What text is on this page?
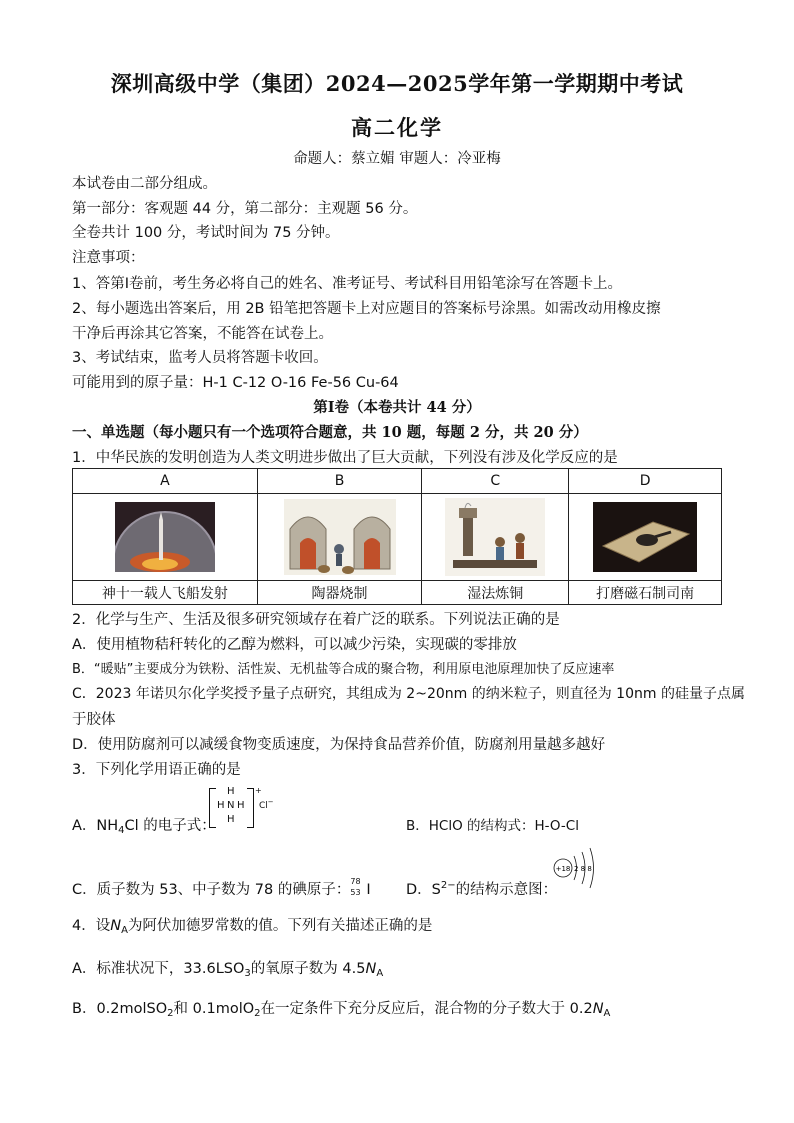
深圳高级中学（集团）2024—2025学年第一学期期中考试
高二化学
命题人：蔡立媚 审题人：冷亚梅
本试卷由二部分组成。
第一部分：客观题 44 分，第二部分：主观题 56 分。
全卷共计 100 分，考试时间为 75 分钟。
注意事项：
1、答第Ⅰ卷前，考生务必将自己的姓名、准考证号、考试科目用铅笔涂写在答题卡上。
2、每小题选出答案后，用 2B 铅笔把答题卡上对应题目的答案标号涂黑。如需改动用橡皮擦
干净后再涂其它答案，不能答在试卷上。
3、考试结束，监考人员将答题卡收回。
可能用到的原子量：H-1 C-12 O-16 Fe-56 Cu-64
第Ⅰ卷（本卷共计 44 分）
一、单选题（每小题只有一个选项符合题意，共 10 题，每题 2 分，共 20 分）
1．中华民族的发明创造为人类文明进步做出了巨大贡献，下列没有涉及化学反应的是
A	B	C	D

神十一载人飞船发射	陶器烧制	湿法炼铜	打磨磁石制司南
2．化学与生产、生活及很多研究领域存在着广泛的联系。下列说法正确的是
A．使用植物秸秆转化的乙醇为燃料，可以减少污染，实现碳的零排放
B．“暖贴”主要成分为铁粉、活性炭、无机盐等合成的聚合物，利用原电池原理加快了反应速率
C．2023 年诺贝尔化学奖授予量子点研究，其组成为 2~20nm 的纳米粒子，则直径为 10nm 的硅量子点属
于胶体
D．使用防腐剂可以减缓食物变质速度，为保持食品营养价值，防腐剂用量越多越好
3．下列化学用语正确的是
A．$NH_4Cl$ 的电子式：
H
H N H
H
+
Cl−
B．HClO 的结构式：H-O-Cl
C．质子数为 53、中子数为 78 的碘原子：
78
53 I D．$S^{2-}$的结构示意图：
+18 2 8 8
4．设$N_A$为阿伏加德罗常数的值。下列有关描述正确的是
A．标准状况下，$33.6LSO_3$的氧原子数为 $4.5N_A$
B．0.2molSO$_2$和 0.1molO$_2$在一定条件下充分反应后，混合物的分子数大于 $0.2N_A$
